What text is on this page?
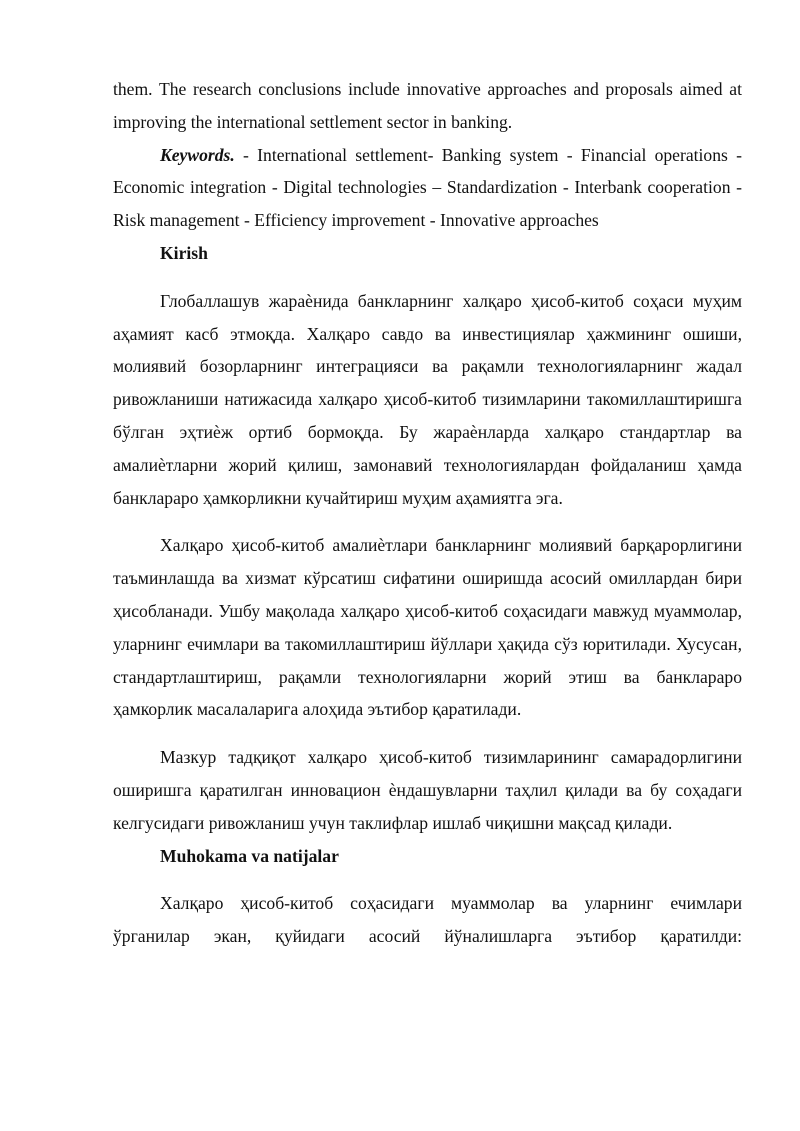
them. The research conclusions include innovative approaches and proposals aimed at improving the international settlement sector in banking.

Keywords. - International settlement- Banking system - Financial operations - Economic integration - Digital technologies – Standardization - Interbank cooperation - Risk management - Efficiency improvement - Innovative approaches

Kirish

Глобаллашув жараѐнида банкларнинг халқаро ҳисоб-китоб соҳаси муҳим аҳамият касб этмоқда. Халқаро савдо ва инвестициялар ҳажмининг ошиши, молиявий бозорларнинг интеграцияси ва рақамли технологияларнинг жадал ривожланиши натижасида халқаро ҳисоб-китоб тизимларини такомиллаштиришга бўлган эҳтиѐж ортиб бормоқда. Бу жараѐнларда халқаро стандартлар ва амалиѐтларни жорий қилиш, замонавий технологиялардан фойдаланиш ҳамда банклараро ҳамкорликни кучайтириш муҳим аҳамиятга эга.

Халқаро ҳисоб-китоб амалиѐтлари банкларнинг молиявий барқарорлигини таъминлашда ва хизмат кўрсатиш сифатини оширишда асосий омиллардан бири ҳисобланади. Ушбу мақолада халқаро ҳисоб-китоб соҳасидаги мавжуд муаммолар, уларнинг ечимлари ва такомиллаштириш йўллари ҳақида сўз юритилади. Хусусан, стандартлаштириш, рақамли технологияларни жорий этиш ва банклараро ҳамкорлик масалаларига алоҳида эътибор қаратилади.

Мазкур тадқиқот халқаро ҳисоб-китоб тизимларининг самарадорлигини оширишга қаратилган инновацион ѐндашувларни таҳлил қилади ва бу соҳадаги келгусидаги ривожланиш учун таклифлар ишлаб чиқишни мақсад қилади.

Muhokama va natijalar

Халқаро ҳисоб-китоб соҳасидаги муаммолар ва уларнинг ечимлари ўрганилар экан, қуйидаги асосий йўналишларга эътибор қаратилди:
